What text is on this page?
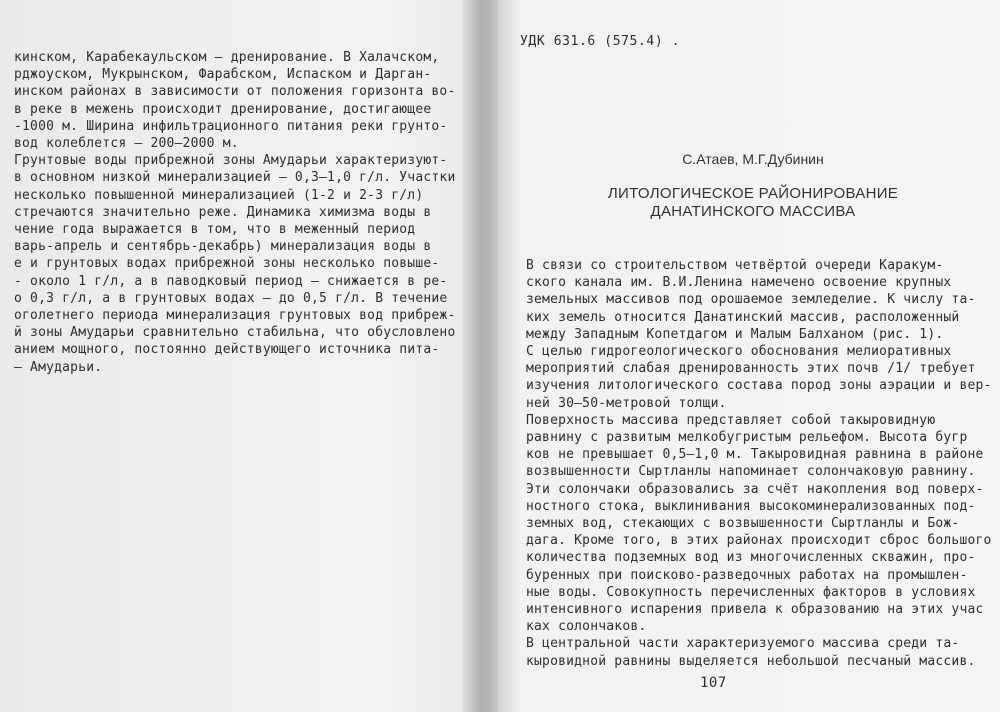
кинском, Карабекаульском – дренирование. В Халачском,
рджоуском, Мукрынском, Фарабском, Испаском и Дарган-
инском районах в зависимости от положения горизонта во-
в реке в межень происходит дренирование, достигающее
-1000 м. Ширина инфильтрационного питания реки грунто-
вод колеблется – 200–2000 м.
Грунтовые воды прибрежной зоны Амударьи характеризуют-
в основном низкой минерализацией – 0,3–1,0 г/л. Участки
несколько повышенной минерализацией (1-2 и 2-3 г/л)
стречаются значительно реже. Динамика химизма воды в
чение года выражается в том, что в меженный период
варь-апрель и сентябрь-декабрь) минерализация воды в
е и грунтовых водах прибрежной зоны несколько повыше-
- около 1 г/л, а в паводковый период – снижается в ре-
о 0,3 г/л, а в грунтовых водах – до 0,5 г/л. В течение
оголетнего периода минерализация грунтовых вод прибреж-
й зоны Амударьи сравнительно стабильна, что обусловлено
анием мощного, постоянно действующего источника пита-
– Амударьи.
УДК 631.6 (575.4) .
С.Атаев, М.Г.Дубинин
ЛИТОЛОГИЧЕСКОЕ РАЙОНИРОВАНИЕ
ДАНАТИНСКОГО МАССИВА
В связи со строительством четвёртой очереди Каракум-
ского канала им. В.И.Ленина намечено освоение крупных
земельных массивов под орошаемое земледелие. К числу та-
ких земель относится Данатинский массив, расположенный
между Западным Копетдагом и Малым Балханом (рис. 1).
С целью гидрогеологического обоснования мелиоративных
мероприятий слабая дренированность этих почв /1/ требует
изучения литологического состава пород зоны аэрации и вер-
ней 30–50-метровой толщи.
Поверхность массива представляет собой такыровидную
равнину с развитым мелкобугристым рельефом. Высота бугр
ков не превышает 0,5–1,0 м. Такыровидная равнина в районе
возвышенности Сыртланлы напоминает солончаковую равнину.
Эти солончаки образовались за счёт накопления вод поверх-
ностного стока, выклинивания высокоминерализованных под-
земных вод, стекающих с возвышенности Сыртланлы и Бож-
дага. Кроме того, в этих районах происходит сброс большого
количества подземных вод из многочисленных скважин, про-
буренных при поисково-разведочных работах на промышлен-
ные воды. Совокупность перечисленных факторов в условиях
интенсивного испарения привела к образованию на этих учас
ках солончаков.
В центральной части характеризуемого массива среди та-
кыровидной равнины выделяется небольшой песчаный массив.
107
